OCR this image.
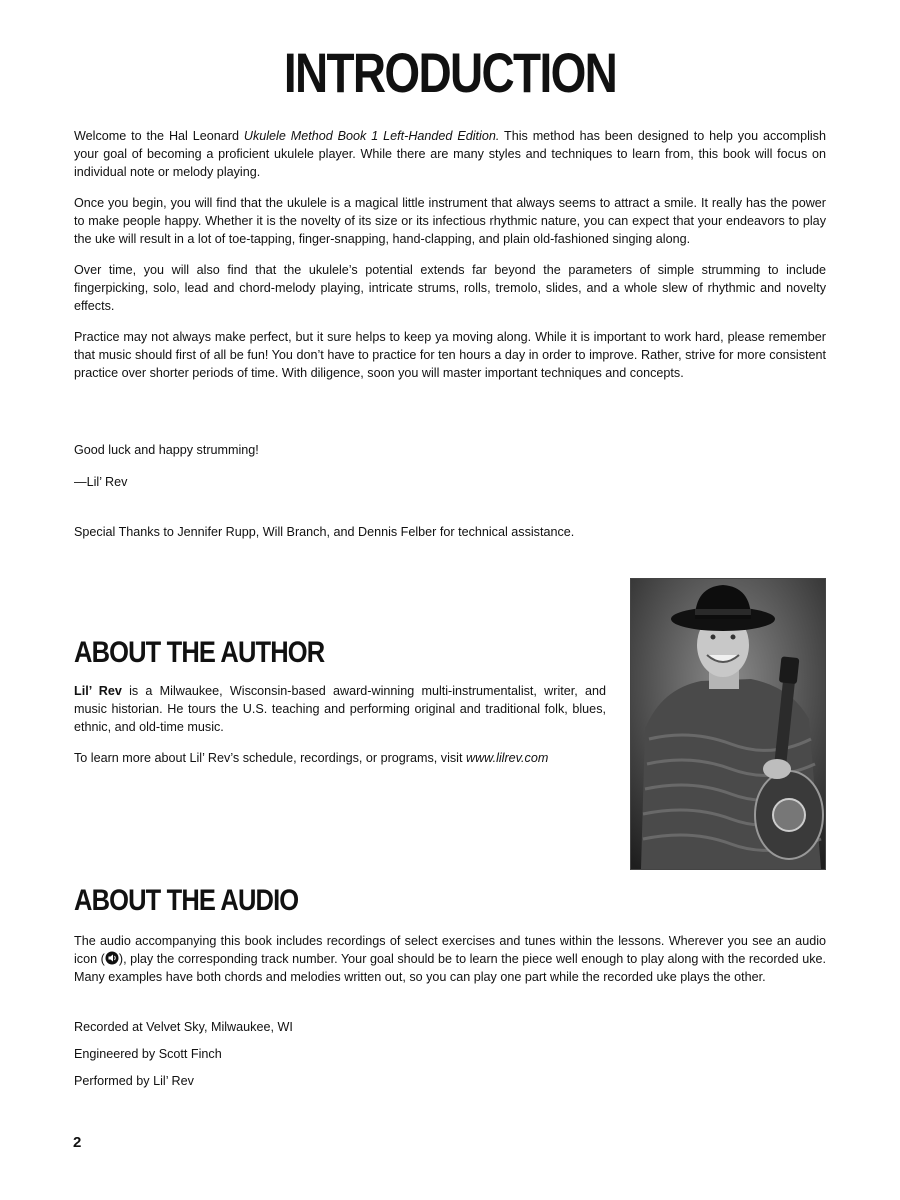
INTRODUCTION

Welcome to the Hal Leonard Ukulele Method Book 1 Left-Handed Edition. This method has been designed to help you accomplish your goal of becoming a proficient ukulele player. While there are many styles and techniques to learn from, this book will focus on individual note or melody playing.

Once you begin, you will find that the ukulele is a magical little instrument that always seems to attract a smile. It really has the power to make people happy. Whether it is the novelty of its size or its infectious rhythmic nature, you can expect that your endeavors to play the uke will result in a lot of toe-tapping, finger-snapping, hand-clapping, and plain old-fashioned singing along.

Over time, you will also find that the ukulele’s potential extends far beyond the parameters of simple strumming to include fingerpicking, solo, lead and chord-melody playing, intricate strums, rolls, tremolo, slides, and a whole slew of rhythmic and novelty effects.

Practice may not always make perfect, but it sure helps to keep ya moving along. While it is important to work hard, please remember that music should first of all be fun! You don’t have to practice for ten hours a day in order to improve. Rather, strive for more consistent practice over shorter periods of time. With diligence, soon you will master important techniques and concepts.

Good luck and happy strumming!

—Lil’ Rev

Special Thanks to Jennifer Rupp, Will Branch, and Dennis Felber for technical assistance.

ABOUT THE AUTHOR

Lil’ Rev is a Milwaukee, Wisconsin-based award-winning multi-instrumentalist, writer, and music historian. He tours the U.S. teaching and performing original and traditional folk, blues, ethnic, and old-time music.

To learn more about Lil’ Rev’s schedule, recordings, or programs, visit www.lilrev.com

ABOUT THE AUDIO

The audio accompanying this book includes recordings of select exercises and tunes within the lessons. Wherever you see an audio icon ( ), play the corresponding track number. Your goal should be to learn the piece well enough to play along with the recorded uke. Many examples have both chords and melodies written out, so you can play one part while the recorded uke plays the other.

Recorded at Velvet Sky, Milwaukee, WI

Engineered by Scott Finch

Performed by Lil’ Rev

2
